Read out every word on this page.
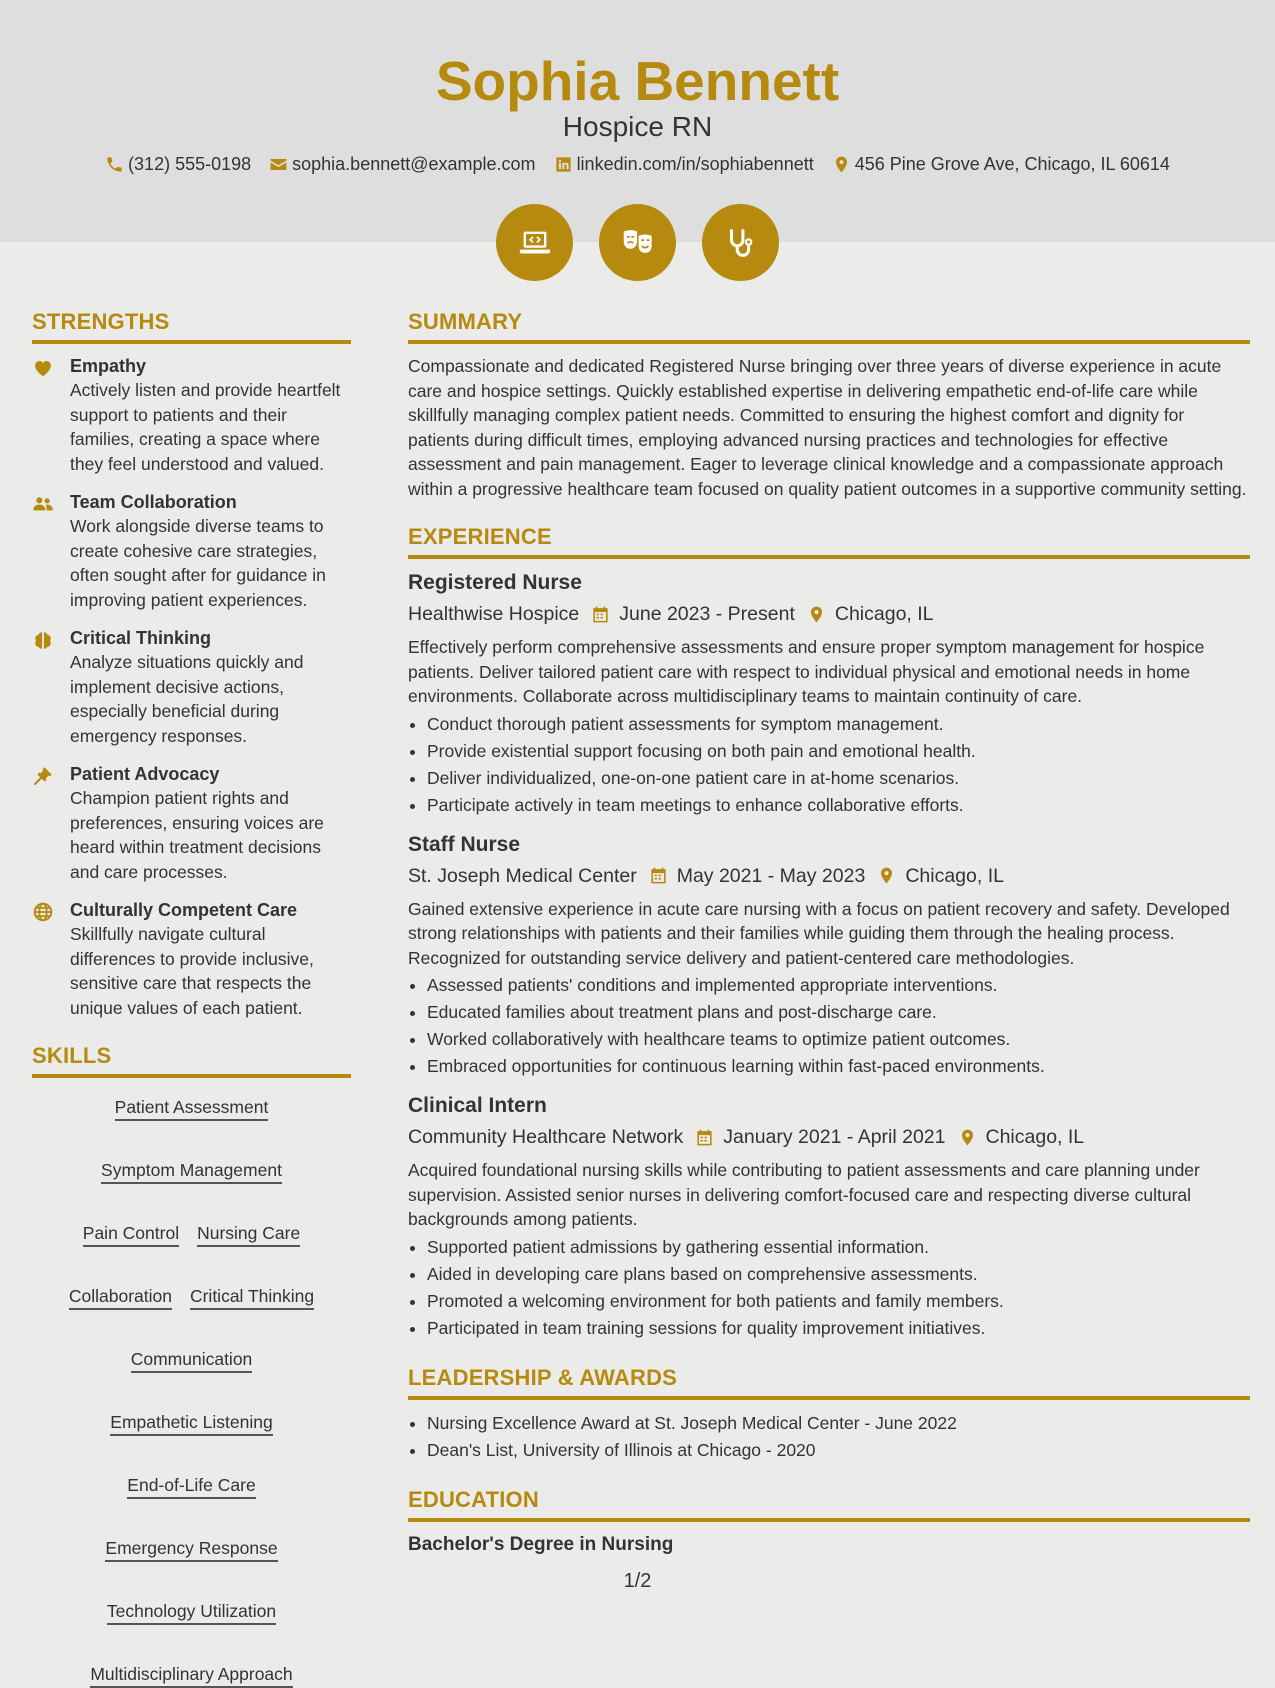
Sophia Bennett
Hospice RN
(312) 555-0198 sophia.bennett@example.com linkedin.com/in/sophiabennett 456 Pine Grove Ave, Chicago, IL 60614
STRENGTHS
Empathy
Actively listen and provide heartfelt support to patients and their families, creating a space where they feel understood and valued.
Team Collaboration
Work alongside diverse teams to create cohesive care strategies, often sought after for guidance in improving patient experiences.
Critical Thinking
Analyze situations quickly and implement decisive actions, especially beneficial during emergency responses.
Patient Advocacy
Champion patient rights and preferences, ensuring voices are heard within treatment decisions and care processes.
Culturally Competent Care
Skillfully navigate cultural differences to provide inclusive, sensitive care that respects the unique values of each patient.
SKILLS
Patient Assessment
Symptom Management
Pain Control Nursing Care
Collaboration Critical Thinking
Communication
Empathetic Listening
End-of-Life Care
Emergency Response
Technology Utilization
Multidisciplinary Approach
SUMMARY

Compassionate and dedicated Registered Nurse bringing over three years of diverse experience in acute care and hospice settings. Quickly established expertise in delivering empathetic end-of-life care while skillfully managing complex patient needs. Committed to ensuring the highest comfort and dignity for patients during difficult times, employing advanced nursing practices and technologies for effective assessment and pain management. Eager to leverage clinical knowledge and a compassionate approach within a progressive healthcare team focused on quality patient outcomes in a supportive community setting.

EXPERIENCE
Registered Nurse
Healthwise Hospice June 2023 - Present Chicago, IL

Effectively perform comprehensive assessments and ensure proper symptom management for hospice patients. Deliver tailored patient care with respect to individual physical and emotional needs in home environments. Collaborate across multidisciplinary teams to maintain continuity of care.

• Conduct thorough patient assessments for symptom management.
• Provide existential support focusing on both pain and emotional health.
• Deliver individualized, one-on-one patient care in at-home scenarios.
• Participate actively in team meetings to enhance collaborative efforts.
Staff Nurse
St. Joseph Medical Center May 2021 - May 2023 Chicago, IL

Gained extensive experience in acute care nursing with a focus on patient recovery and safety. Developed strong relationships with patients and their families while guiding them through the healing process. Recognized for outstanding service delivery and patient-centered care methodologies.

• Assessed patients' conditions and implemented appropriate interventions.
• Educated families about treatment plans and post-discharge care.
• Worked collaboratively with healthcare teams to optimize patient outcomes.
• Embraced opportunities for continuous learning within fast-paced environments.
Clinical Intern
Community Healthcare Network January 2021 - April 2021 Chicago, IL

Acquired foundational nursing skills while contributing to patient assessments and care planning under supervision. Assisted senior nurses in delivering comfort-focused care and respecting diverse cultural backgrounds among patients.

• Supported patient admissions by gathering essential information.
• Aided in developing care plans based on comprehensive assessments.
• Promoted a welcoming environment for both patients and family members.
• Participated in team training sessions for quality improvement initiatives.
LEADERSHIP & AWARDS
• Nursing Excellence Award at St. Joseph Medical Center - June 2022
• Dean's List, University of Illinois at Chicago - 2020
EDUCATION
Bachelor's Degree in Nursing
1/2
